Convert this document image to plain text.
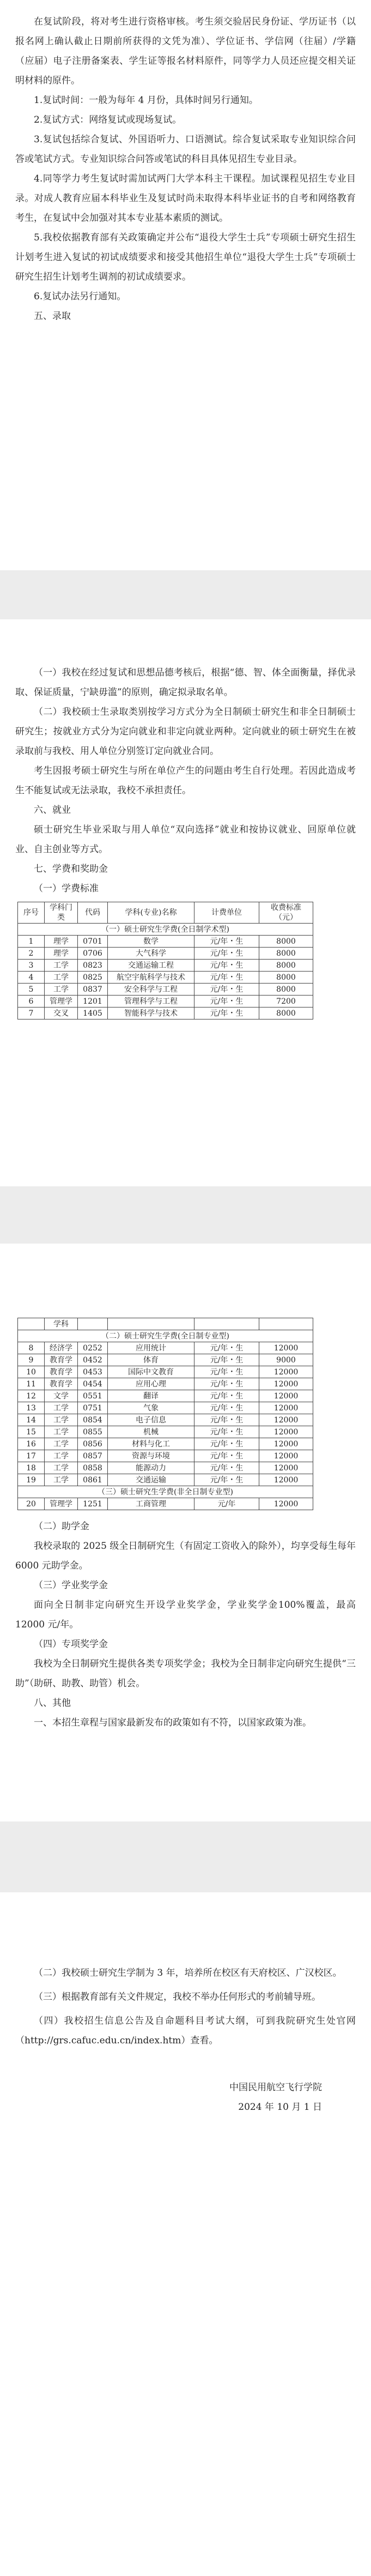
在复试阶段，将对考生进行资格审核。考生须交验居民身份证、学历证书（以报名网上确认截止日期前所获得的文凭为准）、学位证书、学信网（往届）/学籍（应届）电子注册备案表、学生证等报名材料原件，同等学力人员还应提交相关证明材料的原件。

1.复试时间：一般为每年 4 月份，具体时间另行通知。

2.复试方式：网络复试或现场复试。

3.复试包括综合复试、外国语听力、口语测试。综合复试采取专业知识综合问答或笔试方式。专业知识综合问答或笔试的科目具体见招生专业目录。

4.同等学力考生复试时需加试两门大学本科主干课程。加试课程见招生专业目录。对成人教育应届本科毕业生及复试时尚未取得本科毕业证书的自考和网络教育考生，在复试中会加强对其本专业基本素质的测试。

5.我校依据教育部有关政策确定并公布“退役大学生士兵”专项硕士研究生招生计划考生进入复试的初试成绩要求和接受其他招生单位“退役大学生士兵”专项硕士研究生招生计划考生调剂的初试成绩要求。

6.复试办法另行通知。

五、录取

（一）我校在经过复试和思想品德考核后，根据“德、智、体全面衡量，择优录取、保证质量，宁缺毋滥”的原则，确定拟录取名单。

（二）我校硕士生录取类别按学习方式分为全日制硕士研究生和非全日制硕士研究生；按就业方式分为定向就业和非定向就业两种。定向就业的硕士研究生在被录取前与我校、用人单位分别签订定向就业合同。

考生因报考硕士研究生与所在单位产生的问题由考生自行处理。若因此造成考生不能复试或无法录取，我校不承担责任。

六、就业

硕士研究生毕业采取与用人单位“双向选择”就业和按协议就业、回原单位就业、自主创业等方式。

七、学费和奖助金

（一）学费标准

序号	学科门类	代码	学科(专业)名称	计费单位	收费标准（元）
（一）硕士研究生学费(全日制学术型)					
1	理学	0701	数学	元/年・生	8000
2	理学	0706	大气科学	元/年・生	8000
3	工学	0823	交通运输工程	元/年・生	8000
4	工学	0825	航空宇航科学与技术	元/年・生	8000
5	工学	0837	安全科学与工程	元/年・生	8000
6	管理学	1201	管理科学与工程	元/年・生	7200
7	交叉	1405	智能科学与技术	元/年・生	8000
	学科				
（二）硕士研究生学费(全日制专业型)					
8	经济学	0252	应用统计	元/年・生	12000
9	教育学	0452	体育	元/年・生	9000
10	教育学	0453	国际中文教育	元/年・生	12000
11	教育学	0454	应用心理	元/年・生	12000
12	文学	0551	翻译	元/年・生	12000
13	工学	0751	气象	元/年・生	12000
14	工学	0854	电子信息	元/年・生	12000
15	工学	0855	机械	元/年・生	12000
16	工学	0856	材料与化工	元/年・生	12000
17	工学	0857	资源与环境	元/年・生	12000
18	工学	0858	能源动力	元/年・生	12000
19	工学	0861	交通运输	元/年・生	12000
（三）硕士研究生学费(非全日制专业型)					
20	管理学	1251	工商管理	元/年	12000

（二）助学金

我校录取的 2025 级全日制研究生（有固定工资收入的除外），均享受每生每年 6000 元助学金。

（三）学业奖学金

面向全日制非定向研究生开设学业奖学金，学业奖学金100%覆盖，最高 12000 元/年。

（四）专项奖学金

我校为全日制研究生提供各类专项奖学金；我校为全日制非定向研究生提供“三助”（助研、助教、助管）机会。

八、其他

一、本招生章程与国家最新发布的政策如有不符，以国家政策为准。

（二）我校硕士研究生学制为 3 年，培养所在校区有天府校区、广汉校区。

（三）根据教育部有关文件规定，我校不举办任何形式的考前辅导班。

（四）我校招生信息公告及自命题科目考试大纲，可到我院研究生处官网（http://grs.cafuc.edu.cn/index.htm）查看。

中国民用航空飞行学院

2024 年 10 月 1 日
